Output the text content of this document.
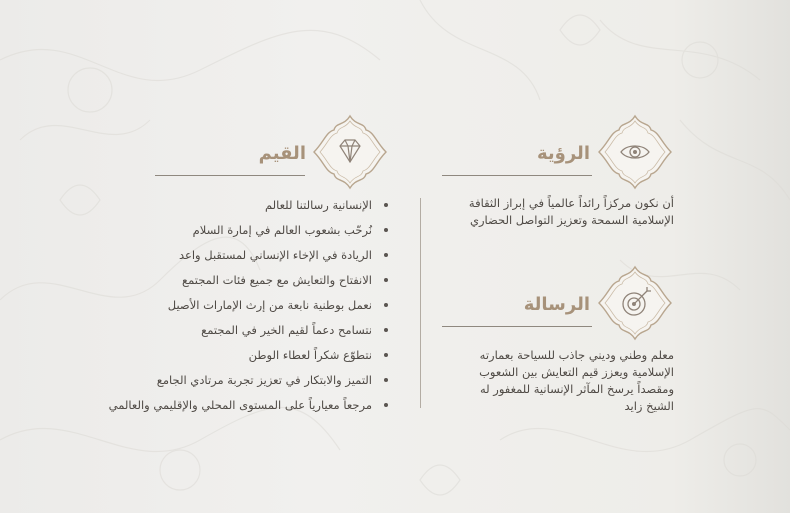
القيم
الإنسانية رسالتنا للعالم
نُرحّب بشعوب العالم في إمارة السلام
الريادة في الإخاء الإنساني لمستقبل واعد
الانفتاح والتعايش مع جميع فئات المجتمع
نعمل بوطنية نابعة من إرث الإمارات الأصيل
نتسامح دعماً لقيم الخير في المجتمع
نتطوّع شكراً لعطاء الوطن
التميز والابتكار في تعزيز تجربة مرتادي الجامع
مرجعاً معيارياً على المستوى المحلي والإقليمي والعالمي
الرؤية
أن نكون مركزاً رائداً عالمياً في إبراز الثقافة
الإسلامية السمحة وتعزيز التواصل الحضاري
الرسالة
معلم وطني وديني جاذب للسياحة بعمارته
الإسلامية ويعزز قيم التعايش بين الشعوب
ومقصداً يرسخ المآثر الإنسانية للمغفور له
الشيخ زايد
